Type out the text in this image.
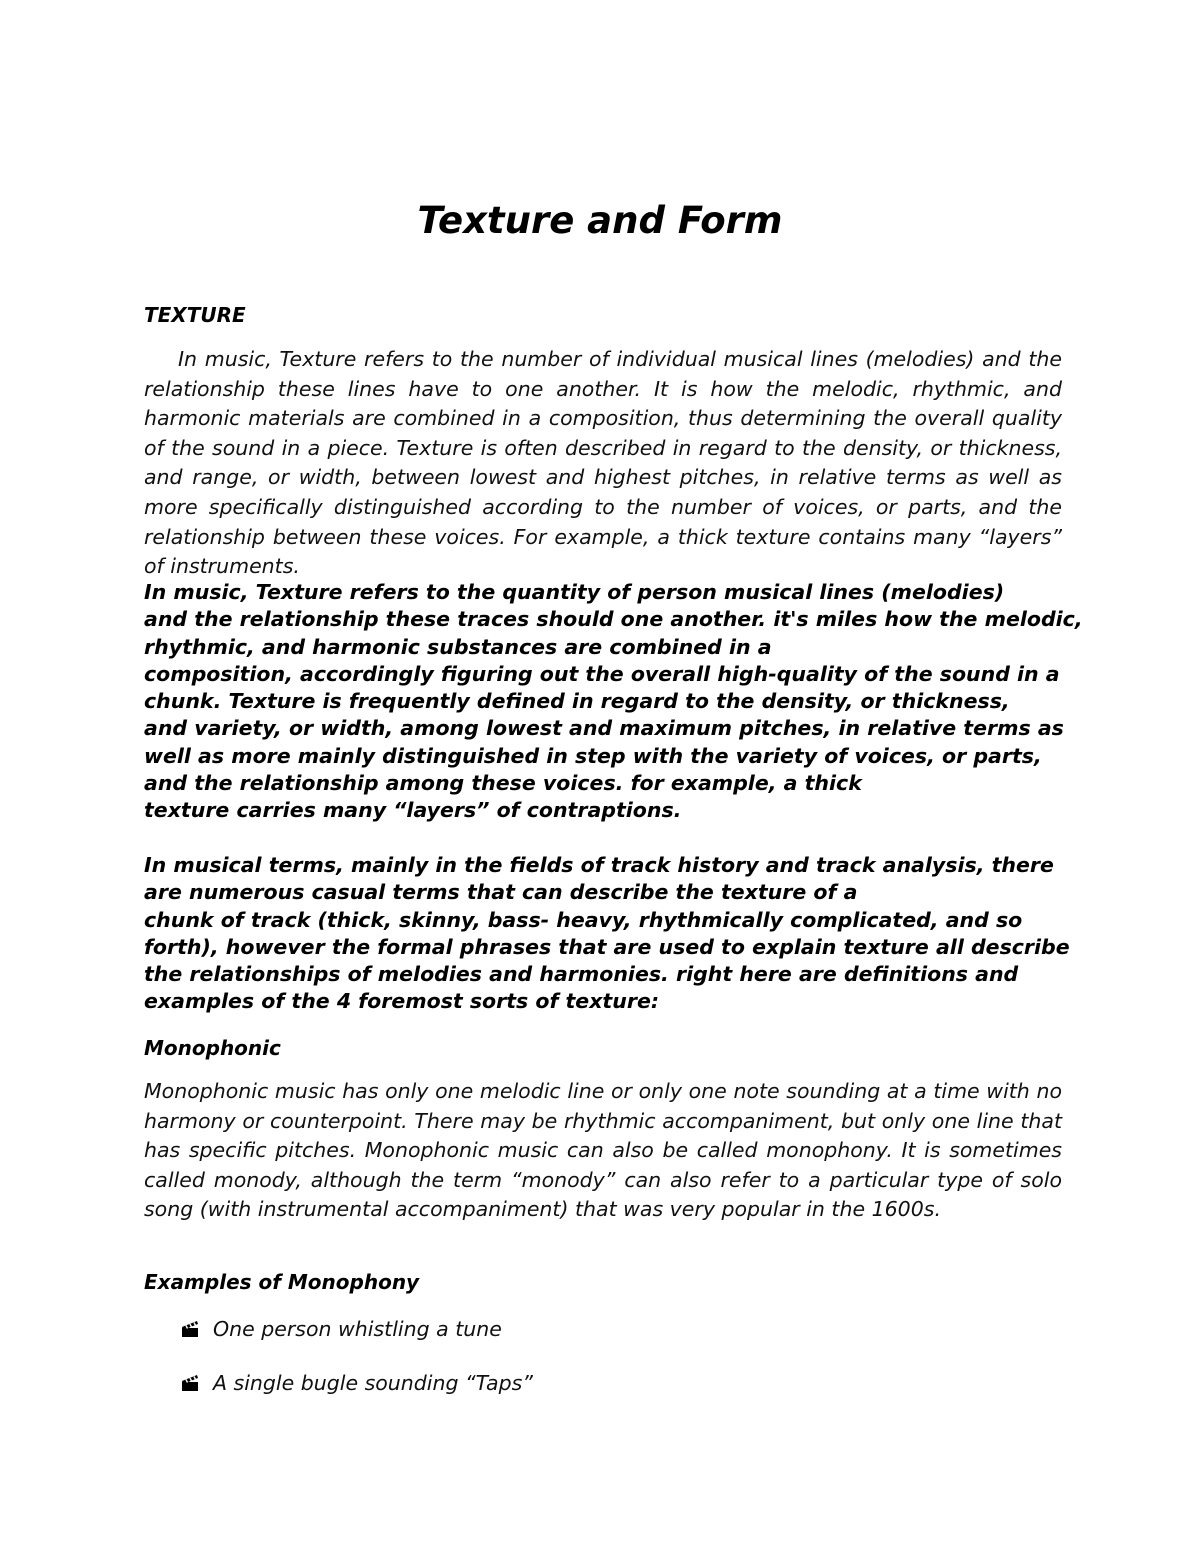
Texture and Form
TEXTURE

In music, Texture refers to the number of individual musical lines (melodies) and the relationship these lines have to one another. It is how the melodic, rhythmic, and harmonic materials are combined in a composition, thus determining the overall quality of the sound in a piece. Texture is often described in regard to the density, or thickness, and range, or width, between lowest and highest pitches, in relative terms as well as more specifically distinguished according to the number of voices, or parts, and the relationship between these voices. For example, a thick texture contains many “layers” of instruments.

In music, Texture refers to the quantity of person musical lines (melodies)
and the relationship these traces should one another. it's miles how the melodic,
rhythmic, and harmonic substances are combined in a
composition, accordingly figuring out the overall high-quality of the sound in a
chunk. Texture is frequently defined in regard to the density, or thickness,
and variety, or width, among lowest and maximum pitches, in relative terms as
well as more mainly distinguished in step with the variety of voices, or parts,
and the relationship among these voices. for example, a thick
texture carries many “layers” of contraptions.
In musical terms, mainly in the fields of track history and track analysis, there
are numerous casual terms that can describe the texture of a
chunk of track (thick, skinny, bass- heavy, rhythmically complicated, and so
forth), however the formal phrases that are used to explain texture all describe
the relationships of melodies and harmonies. right here are definitions and
examples of the 4 foremost sorts of texture:
Monophonic

Monophonic music has only one melodic line or only one note sounding at a time with no harmony or counterpoint. There may be rhythmic accompaniment, but only one line that has specific pitches. Monophonic music can also be called monophony. It is sometimes called monody, although the term “monody” can also refer to a particular type of solo song (with instrumental accompaniment) that was very popular in the 1600s.

Examples of Monophony
One person whistling a tune
A single bugle sounding “Taps”
